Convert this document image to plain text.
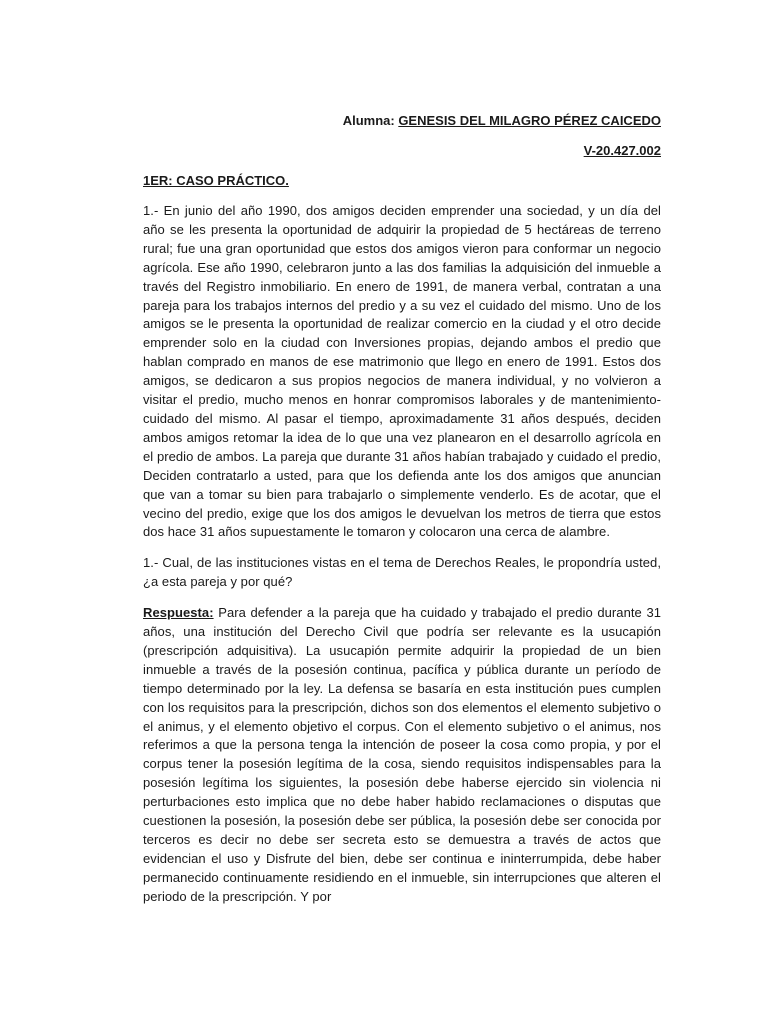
Alumna: GENESIS DEL MILAGRO PÉREZ CAICEDO
V-20.427.002
1ER: CASO PRÁCTICO.

1.- En junio del año 1990, dos amigos deciden emprender una sociedad, y un día del año se les presenta la oportunidad de adquirir la propiedad de 5 hectáreas de terreno rural; fue una gran oportunidad que estos dos amigos vieron para conformar un negocio agrícola. Ese año 1990, celebraron junto a las dos familias la adquisición del inmueble a través del Registro inmobiliario. En enero de 1991, de manera verbal, contratan a una pareja para los trabajos internos del predio y a su vez el cuidado del mismo. Uno de los amigos se le presenta la oportunidad de realizar comercio en la ciudad y el otro decide emprender solo en la ciudad con Inversiones propias, dejando ambos el predio que hablan comprado en manos de ese matrimonio que llego en enero de 1991. Estos dos amigos, se dedicaron a sus propios negocios de manera individual, y no volvieron a visitar el predio, mucho menos en honrar compromisos laborales y de mantenimiento-cuidado del mismo. Al pasar el tiempo, aproximadamente 31 años después, deciden ambos amigos retomar la idea de lo que una vez planearon en el desarrollo agrícola en el predio de ambos. La pareja que durante 31 años habían trabajado y cuidado el predio, Deciden contratarlo a usted, para que los defienda ante los dos amigos que anuncian que van a tomar su bien para trabajarlo o simplemente venderlo. Es de acotar, que el vecino del predio, exige que los dos amigos le devuelvan los metros de tierra que estos dos hace 31 años supuestamente le tomaron y colocaron una cerca de alambre.

1.- Cual, de las instituciones vistas en el tema de Derechos Reales, le propondría usted, ¿a esta pareja y por qué?

Respuesta: Para defender a la pareja que ha cuidado y trabajado el predio durante 31 años, una institución del Derecho Civil que podría ser relevante es la usucapión (prescripción adquisitiva). La usucapión permite adquirir la propiedad de un bien inmueble a través de la posesión continua, pacífica y pública durante un período de tiempo determinado por la ley. La defensa se basaría en esta institución pues cumplen con los requisitos para la prescripción, dichos son dos elementos el elemento subjetivo o el animus, y el elemento objetivo el corpus. Con el elemento subjetivo o el animus, nos referimos a que la persona tenga la intención de poseer la cosa como propia, y por el corpus tener la posesión legítima de la cosa, siendo requisitos indispensables para la posesión legítima los siguientes, la posesión debe haberse ejercido sin violencia ni perturbaciones esto implica que no debe haber habido reclamaciones o disputas que cuestionen la posesión, la posesión debe ser pública, la posesión debe ser conocida por terceros es decir no debe ser secreta esto se demuestra a través de actos que evidencian el uso y Disfrute del bien, debe ser continua e ininterrumpida, debe haber permanecido continuamente residiendo en el inmueble, sin interrupciones que alteren el periodo de la prescripción. Y por
